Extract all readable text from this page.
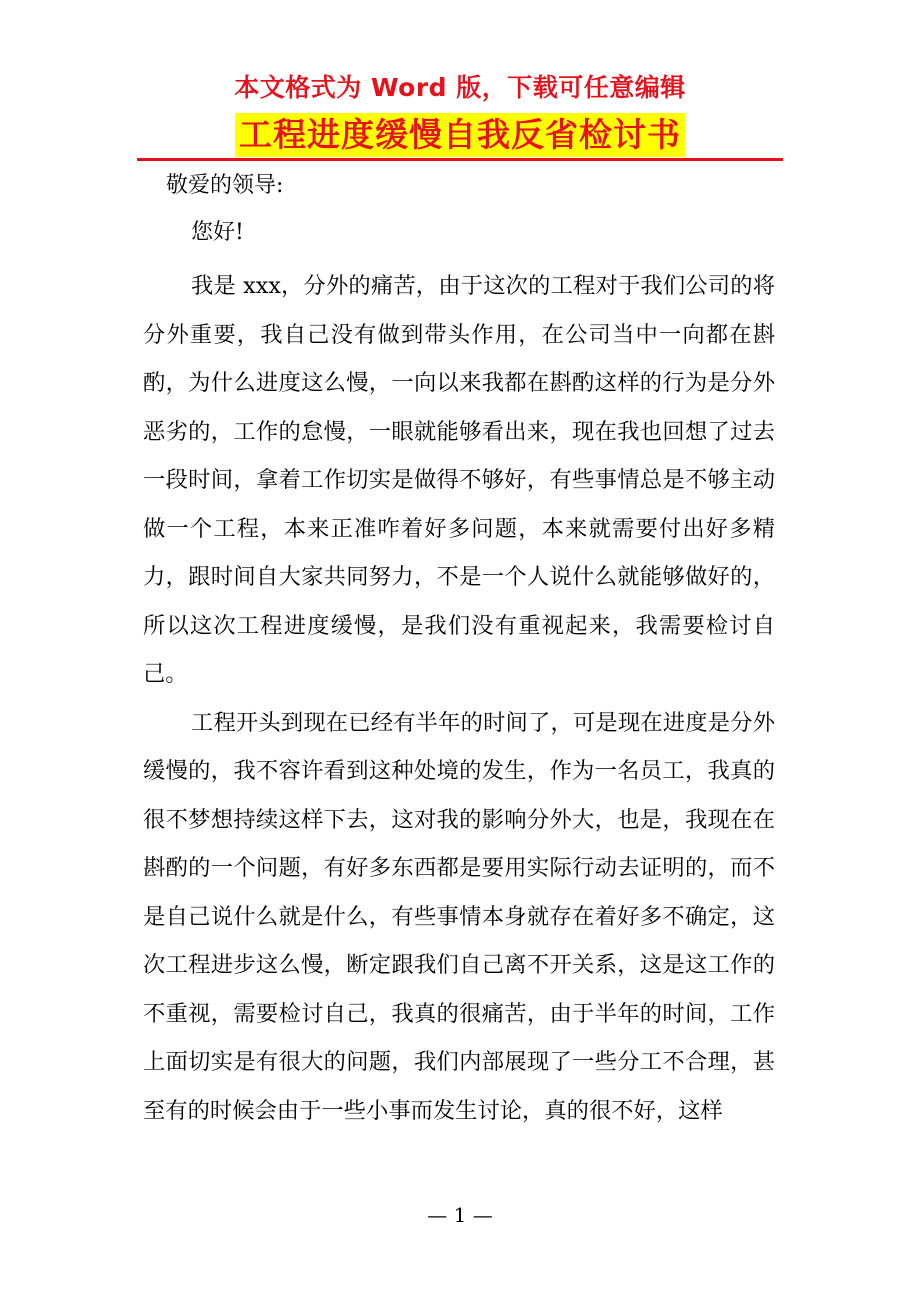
本文格式为 Word 版，下载可任意编辑
工程进度缓慢自我反省检讨书
敬爱的领导:
您好!

我是 xxx，分外的痛苦，由于这次的工程对于我们公司的将分外重要，我自己没有做到带头作用，在公司当中一向都在斟酌，为什么进度这么慢，一向以来我都在斟酌这样的行为是分外恶劣的，工作的怠慢，一眼就能够看出来，现在我也回想了过去一段时间，拿着工作切实是做得不够好，有些事情总是不够主动做一个工程，本来正准咋着好多问题，本来就需要付出好多精力，跟时间自大家共同努力，不是一个人说什么就能够做好的，所以这次工程进度缓慢，是我们没有重视起来，我需要检讨自己。

工程开头到现在已经有半年的时间了，可是现在进度是分外缓慢的，我不容许看到这种处境的发生，作为一名员工，我真的很不梦想持续这样下去，这对我的影响分外大，也是，我现在在斟酌的一个问题，有好多东西都是要用实际行动去证明的，而不是自己说什么就是什么，有些事情本身就存在着好多不确定，这次工程进步这么慢，断定跟我们自己离不开关系，这是这工作的不重视，需要检讨自己，我真的很痛苦，由于半年的时间，工作上面切实是有很大的问题，我们内部展现了一些分工不合理，甚至有的时候会由于一些小事而发生讨论，真的很不好，这样

— 1 —
